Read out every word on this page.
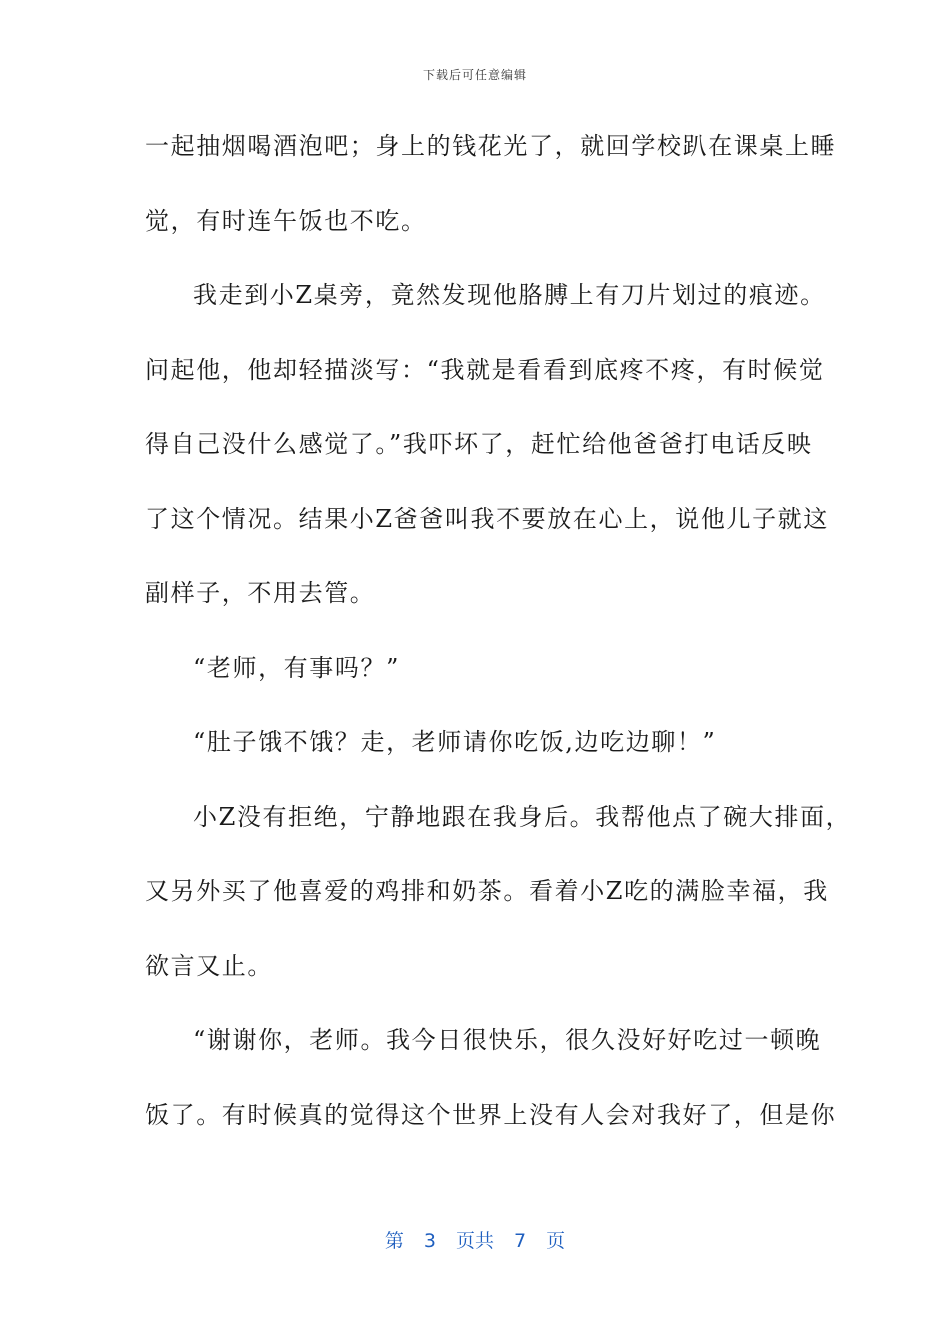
下载后可任意编辑
一起抽烟喝酒泡吧；身上的钱花光了，就回学校趴在课桌上睡
觉，有时连午饭也不吃。
我走到小Z桌旁，竟然发现他胳膊上有刀片划过的痕迹。
问起他，他却轻描淡写：“我就是看看到底疼不疼，有时候觉
得自己没什么感觉了。”我吓坏了，赶忙给他爸爸打电话反映
了这个情况。结果小Z爸爸叫我不要放在心上，说他儿子就这
副样子，不用去管。
“老师，有事吗？”
“肚子饿不饿？走，老师请你吃饭,边吃边聊！”
小Z没有拒绝，宁静地跟在我身后。我帮他点了碗大排面，
又另外买了他喜爱的鸡排和奶茶。看着小Z吃的满脸幸福，我
欲言又止。
“谢谢你，老师。我今日很快乐，很久没好好吃过一顿晚
饭了。有时候真的觉得这个世界上没有人会对我好了，但是你
第 3 页共 7 页
